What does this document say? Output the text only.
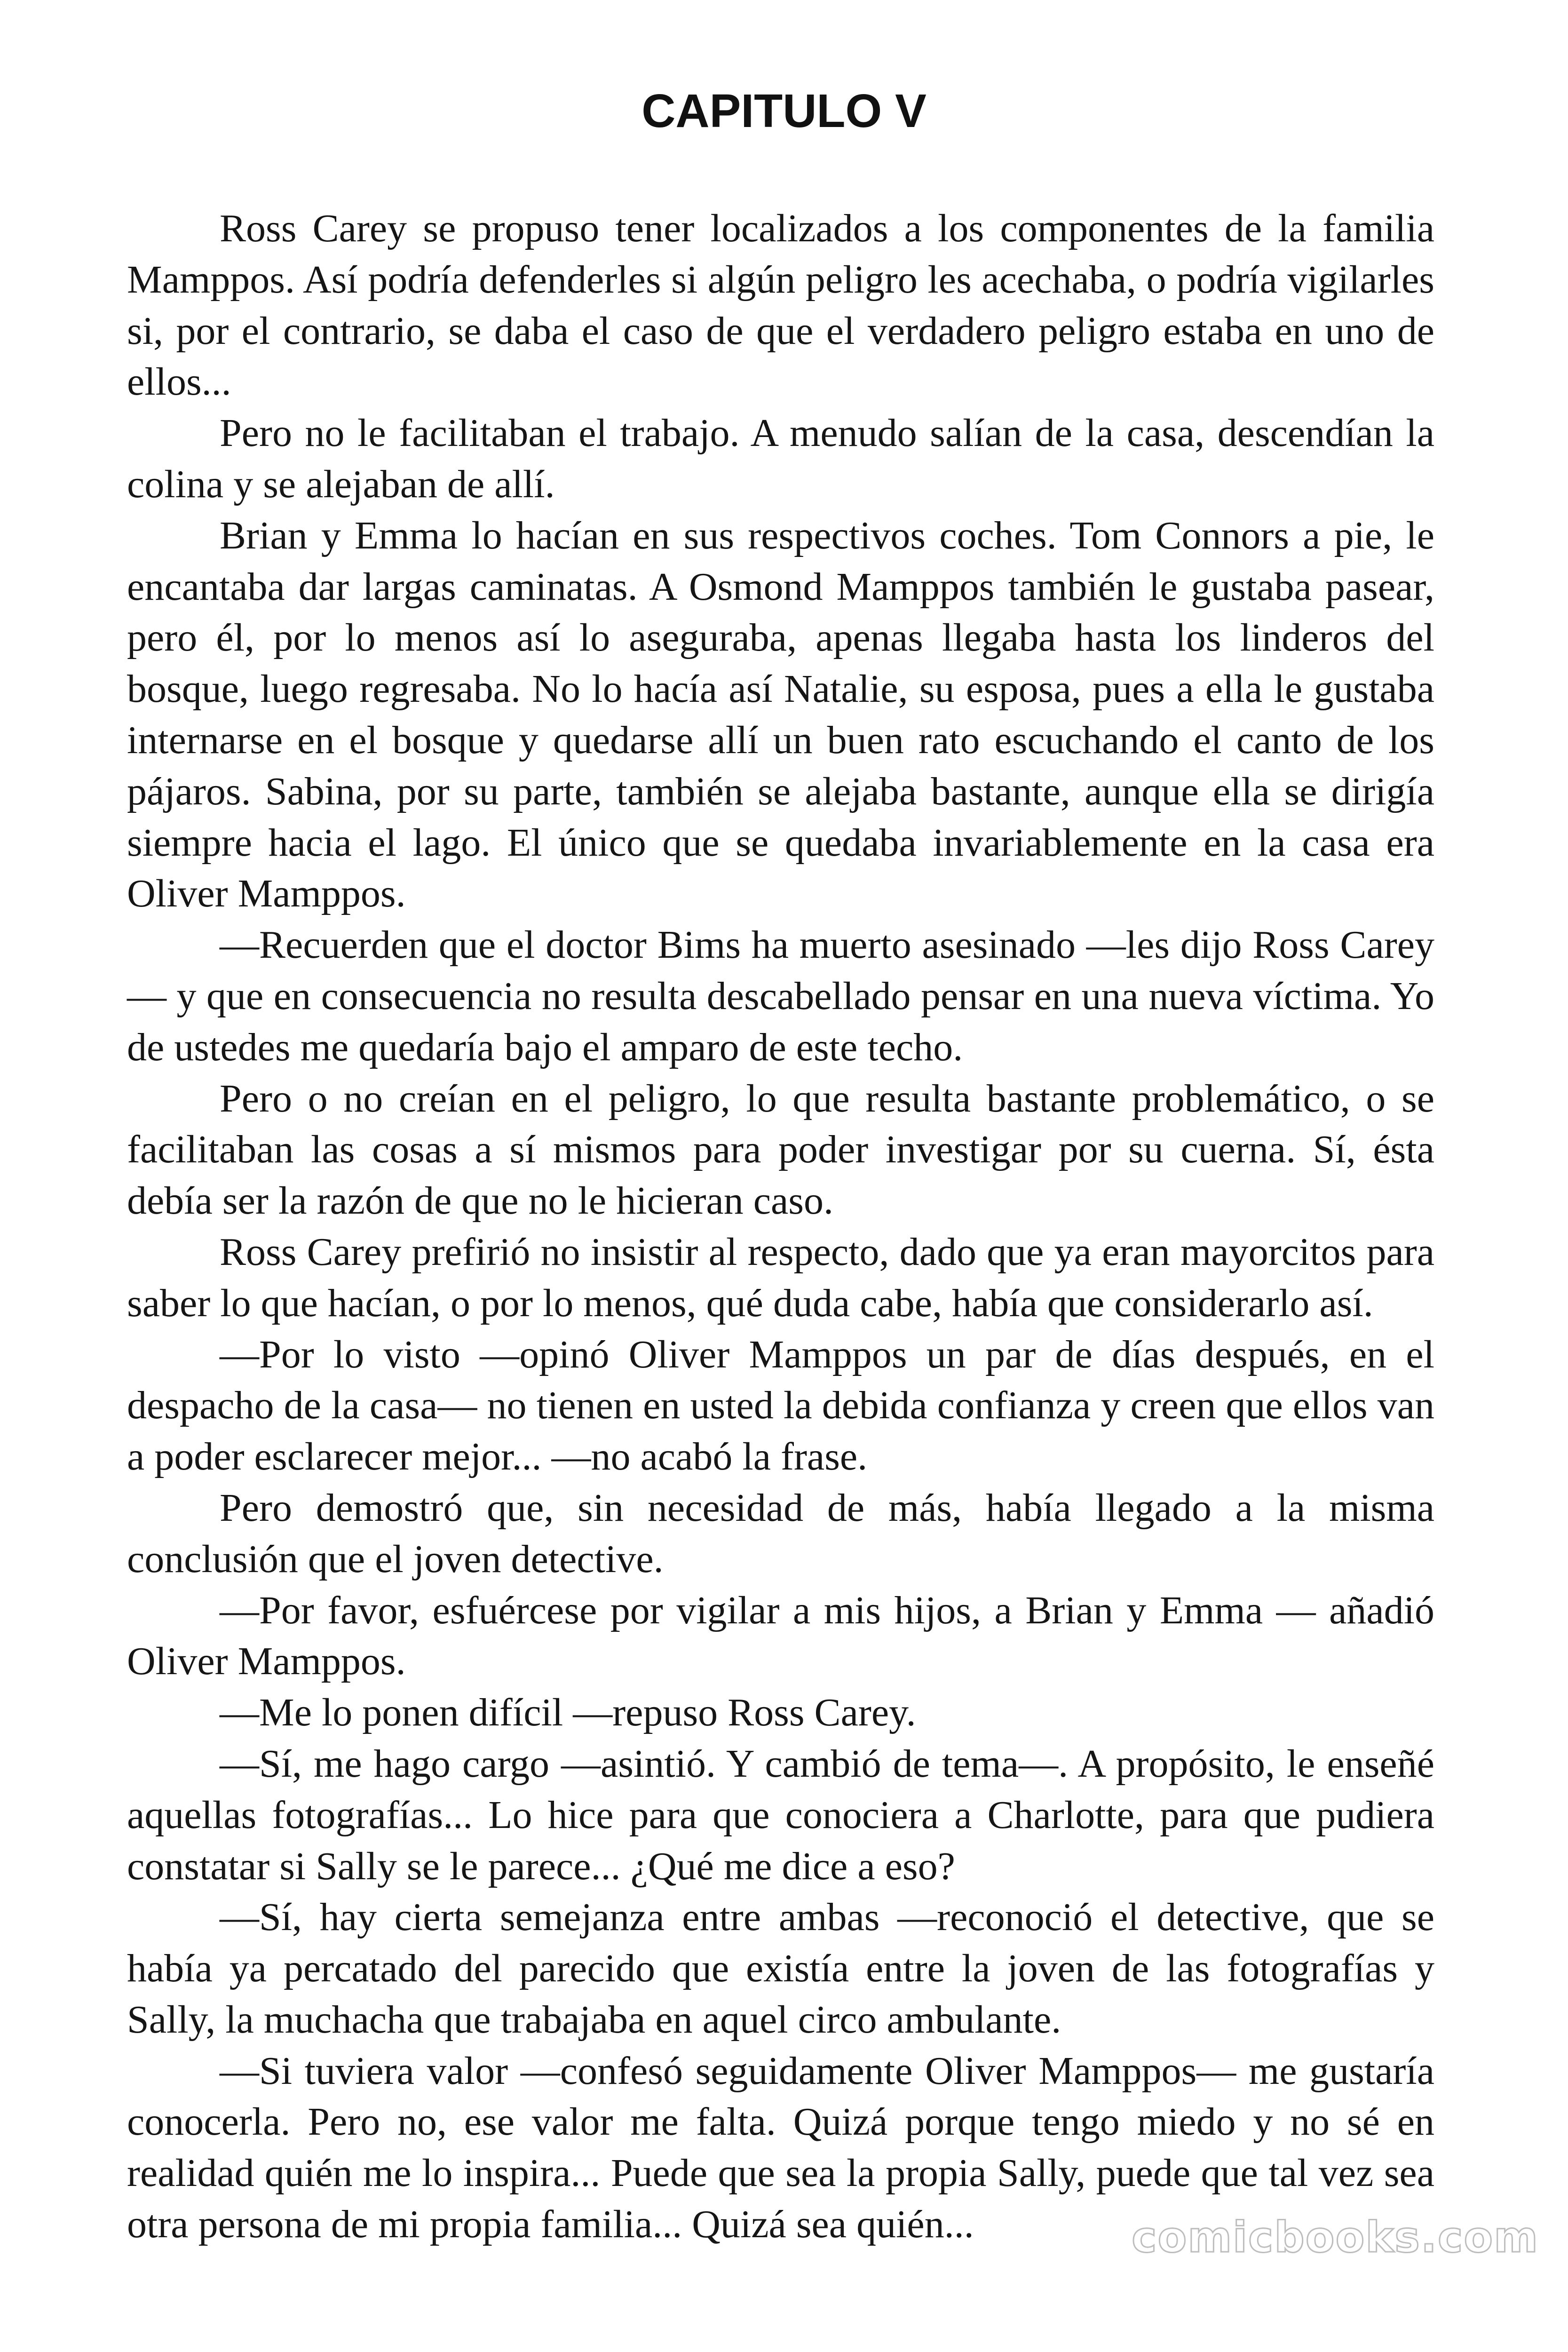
CAPITULO V

Ross Carey se propuso tener localizados a los componentes de la familia Mamppos. Así podría defenderles si algún peligro les acechaba, o podría vigilarles si, por el contrario, se daba el caso de que el verdadero peligro estaba en uno de ellos...

Pero no le facilitaban el trabajo. A menudo salían de la casa, descendían la colina y se alejaban de allí.

Brian y Emma lo hacían en sus respectivos coches. Tom Connors a pie, le encantaba dar largas caminatas. A Osmond Mamppos también le gustaba pasear, pero él, por lo menos así lo aseguraba, apenas llegaba hasta los linderos del bosque, luego regresaba. No lo hacía así Natalie, su esposa, pues a ella le gustaba internarse en el bosque y quedarse allí un buen rato escuchando el canto de los pájaros. Sabina, por su parte, también se alejaba bastante, aunque ella se dirigía siempre hacia el lago. El único que se quedaba invariablemente en la casa era Oliver Mamppos.

—Recuerden que el doctor Bims ha muerto asesinado —les dijo Ross Carey— y que en consecuencia no resulta descabellado pensar en una nueva víctima. Yo de ustedes me quedaría bajo el amparo de este techo.

Pero o no creían en el peligro, lo que resulta bastante problemático, o se facilitaban las cosas a sí mismos para poder investigar por su cuerna. Sí, ésta debía ser la razón de que no le hicieran caso.

Ross Carey prefirió no insistir al respecto, dado que ya eran mayorcitos para saber lo que hacían, o por lo menos, qué duda cabe, había que considerarlo así.

—Por lo visto —opinó Oliver Mamppos un par de días después, en el despacho de la casa— no tienen en usted la debida confianza y creen que ellos van a poder esclarecer mejor... —no acabó la frase.

Pero demostró que, sin necesidad de más, había llegado a la misma conclusión que el joven detective.

—Por favor, esfuércese por vigilar a mis hijos, a Brian y Emma — añadió Oliver Mamppos.

—Me lo ponen difícil —repuso Ross Carey.

—Sí, me hago cargo —asintió. Y cambió de tema—. A propósito, le enseñé aquellas fotografías... Lo hice para que conociera a Charlotte, para que pudiera constatar si Sally se le parece... ¿Qué me dice a eso?

—Sí, hay cierta semejanza entre ambas —reconoció el detective, que se había ya percatado del parecido que existía entre la joven de las fotografías y Sally, la muchacha que trabajaba en aquel circo ambulante.

—Si tuviera valor —confesó seguidamente Oliver Mamppos— me gustaría conocerla. Pero no, ese valor me falta. Quizá porque tengo miedo y no sé en realidad quién me lo inspira... Puede que sea la propia Sally, puede que tal vez sea otra persona de mi propia familia... Quizá sea quién...	comicbooks.com
